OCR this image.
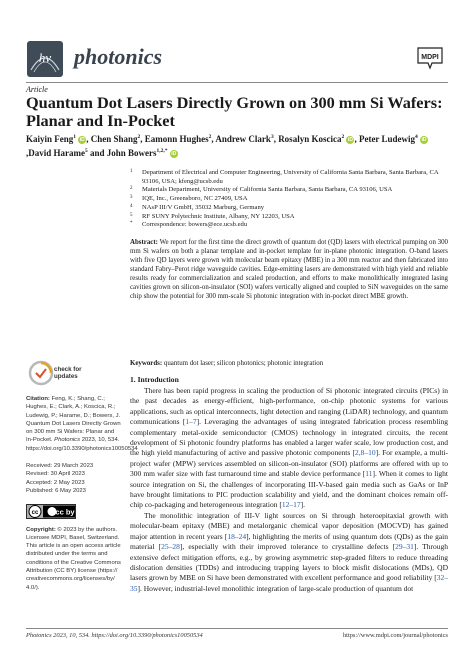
hv photonics	MDPI
Article
Quantum Dot Lasers Directly Grown on 300 mm Si Wafers: Planar and In-Pocket
Kaiyin Feng$^1$ iD , Chen Shang$^2$, Eamonn Hughes$^2$, Andrew Clark$^3$, Rosalyn Koscica$^2$ iD , Peter Ludewig$^4$ iD,David Harame$^5$ and John Bowers$^{1,2,*}$ iD
1 Department of Electrical and Computer Engineering, University of California Santa Barbara, Santa Barbara, CA 93106, USA; kfeng@ucsb.edu
2 Materials Department, University of California Santa Barbara, Santa Barbara, CA 93106, USA
3 IQE, Inc., Greensboro, NC 27409, USA
4 NAsP III/V GmbH, 35032 Marburg, Germany
5 RF SUNY Polytechnic Institute, Albany, NY 12203, USA
* Correspondence: bowers@ece.ucsb.edu

Abstract: We report for the first time the direct growth of quantum dot (QD) lasers with electrical pumping on 300 mm Si wafers on both a planar template and in-pocket template for in-plane photonic integration. O-band lasers with five QD layers were grown with molecular beam epitaxy (MBE) in a 300 mm reactor and then fabricated into standard Fabry–Perot ridge waveguide cavities. Edge-emitting lasers are demonstrated with high yield and reliable results ready for commercialization and scaled production, and efforts to make monolithically integrated lasing cavities grown on silicon-on-insulator (SOI) wafers vertically aligned and coupled to SiN waveguides on the same chip show the potential for 300 mm-scale Si photonic integration with in-pocket direct MBE growth.

Keywords: quantum dot laser; silicon photonics; photonic integration

check for
updates
Citation: Feng, K.; Shang, C.; Hughes, E.; Clark, A.; Koscica, R.; Ludewig, P.; Harame, D.; Bowers, J. Quantum Dot Lasers Directly Grown on 300 mm Si Wafers: Planar and In-Pocket. Photonics 2023, 10, 534. https://doi.org/10.3390/photonics10050534
Received: 29 March 2023
Revised: 30 April 2023
Accepted: 2 May 2023
Published: 6 May 2023
cc cc by
Copyright: © 2023 by the authors. Licensee MDPI, Basel, Switzerland. This article is an open access article distributed under the terms and conditions of the Creative Commons Attribution (CC BY) license (https:// creativecommons.org/licenses/by/ 4.0/).
1. Introduction

There has been rapid progress in scaling the production of Si photonic integrated circuits (PICs) in the past decades as energy-efficient, high-performance, on-chip photonic systems for various applications, such as optical interconnects, light detection and ranging (LiDAR) technology, and quantum communications [1–7]. Leveraging the advantages of using integrated fabrication process resembling complementary metal-oxide semiconductor (CMOS) technology in integrated circuits, the recent development of Si photonic foundry platforms has enabled a larger wafer scale, low production cost, and the high yield manufacturing of active and passive photonic components [2,8–10]. For example, a multi-project wafer (MPW) services assembled on silicon-on-insulator (SOI) platforms are offered with up to 300 mm wafer size with fast turnaround time and stable device performance [11]. When it comes to light source integration on Si, the challenges of incorporating III-V-based gain media such as GaAs or InP have brought limitations to PIC production scalability and yield, and the dominant choices remain off-chip co-packaging and heterogeneous integration [12–17].

The monolithic integration of III-V light sources on Si through heteroepitaxial growth with molecular-beam epitaxy (MBE) and metalorganic chemical vapor deposition (MOCVD) has gained major attention in recent years [18–24], highlighting the merits of using quantum dots (QDs) as the gain material [25–28], especially with their improved tolerance to crystalline defects [29–31]. Through extensive defect mitigation efforts, e.g., by growing asymmetric step-graded filters to reduce threading dislocation densities (TDDs) and introducing trapping layers to block misfit dislocations (MDs), QD lasers grown by MBE on Si have been demonstrated with excellent performance and good reliability [32–35]. However, industrial-level monolithic integration of large-scale production of quantum dot

Photonics 2023, 10, 534. https://doi.org/10.3390/photonics10050534	https://www.mdpi.com/journal/photonics
